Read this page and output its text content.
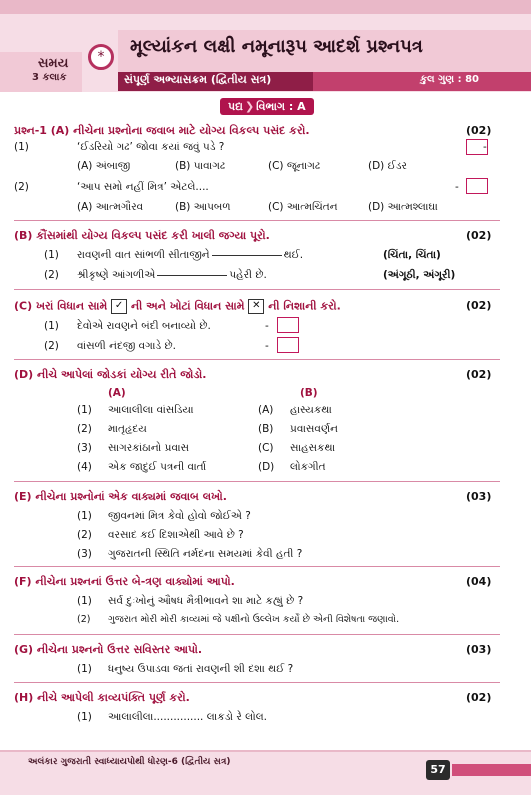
મૂલ્યાંકન લક્ષી નમૂનારૂપ આદર્શ પ્રશ્નપત્ર
સમય
3 કલાક
*
સંપૂર્ણ અભ્યાસક્રમ (દ્વિતીય સત્ર)	કુલ ગુણ : 80
પદ્ય ❯ વિભાગ : A
પ્રશ્ન-1 (A) નીચેના પ્રશ્નોના જવાબ માટે યોગ્ય વિકલ્પ પસંદ કરો.	(02)
(1)	‘ઈડરિયો ગઢ’ જોવા કયાં જવું પડે ?	-
(A) અંબાજી	(B) પાવાગઢ	(C) જૂનાગઢ	(D) ઈડર
(2)	‘આપ સમો નહીં મિત્ર’ એટલે....	-
(A) આત્મગૌરવ	(B) આપબળ	(C) આત્મચિંતન	(D) આત્મશ્લાઘા
(B) કૌંસમાંથી યોગ્ય વિકલ્પ પસંદ કરી ખાલી જગ્યા પૂરો.	(02)
(1) રાવણની વાત સાંભળી સીતાજીને	થઈ.	(ચિંતા, ચિંતા)
(2) શ્રીકૃષ્ણે આંગળીએ	પહેરી છે.	(અંગૂઠી, અંગૂરી)
(C) ખરાં વિધાન સામે ✓ ની અને ખોટાં વિધાન સામે ✕ ની નિશાની કરો.	(02)
(1) દેવોએ રાવણને બંદી બનાવ્યો છે.	-
(2) વાંસળી નંદજી વગાડે છે.	-
(D) નીચે આપેલાં જોડકાં યોગ્ય રીતે જોડો.	(02)
(A)	(B)
(1) આલાલીલા વાંસડિયા	(A) હાસ્યકથા
(2) માતૃહૃદય	(B) પ્રવાસવર્ણન
(3) સાગરકાંઠાનો પ્રવાસ	(C) સાહસકથા
(4) એક જાદુઈ પત્રની વાર્તા	(D) લોકગીત
(E) નીચેના પ્રશ્નોનાં એક વાક્યમાં જવાબ લખો.	(03)
(1) જીવનમાં મિત્ર કેવો હોવો જોઈએ ?
(2) વરસાદ કઈ દિશાએથી આવે છે ?
(3) ગુજરાતની સ્થિતિ નર્મદના સમયમાં કેવી હતી ?
(F) નીચેના પ્રશ્નનાં ઉત્તર બે-ત્રણ વાક્યોમાં આપો.	(04)
(1) સર્વ દુઃખોનું ઔષધ મૈત્રીભાવને શા માટે કહ્યું છે ?
(2) ગુજરાત મોરી મોરી કાવ્યમાં જે પક્ષીનો ઉલ્લેખ કર્યો છે એની વિશેષતા જણાવો.
(G) નીચેના પ્રશ્નનો ઉત્તર સવિસ્તર આપો.	(03)
(1) ધનુષ્ય ઉપાડવા જતાં રાવણની શી દશા થઈ ?
(H) નીચે આપેલી કાવ્યપંક્તિ પૂર્ણ કરો.	(02)
(1) આલાલીલા............... લાકડો રે લોલ.
અલંકાર ગુજરાતી સ્વાધ્યાયપોથી ધોરણ-6 (દ્વિતીય સત્ર)
57
